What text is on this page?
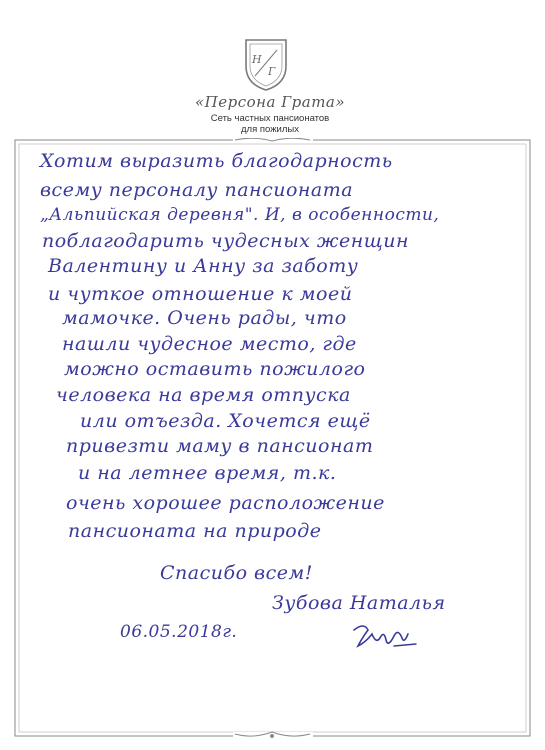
Н
Г
«Персона Грата»
Сеть частных пансионатов
для пожилых
Хотим выразить благодарность
всему персоналу пансионата
„Альпийская деревня". И, в особенности,
поблагодарить чудесных женщин
Валентину и Анну за заботу
и чуткое отношение к моей
мамочке. Очень рады, что
нашли чудесное место, где
можно оставить пожилого
человека на время отпуска
или отъезда. Хочется ещё
привезти маму в пансионат
и на летнее время, т.к.
очень хорошее расположение
пансионата на природе
Спасибо всем!
Зубова Наталья
06.05.2018г.
